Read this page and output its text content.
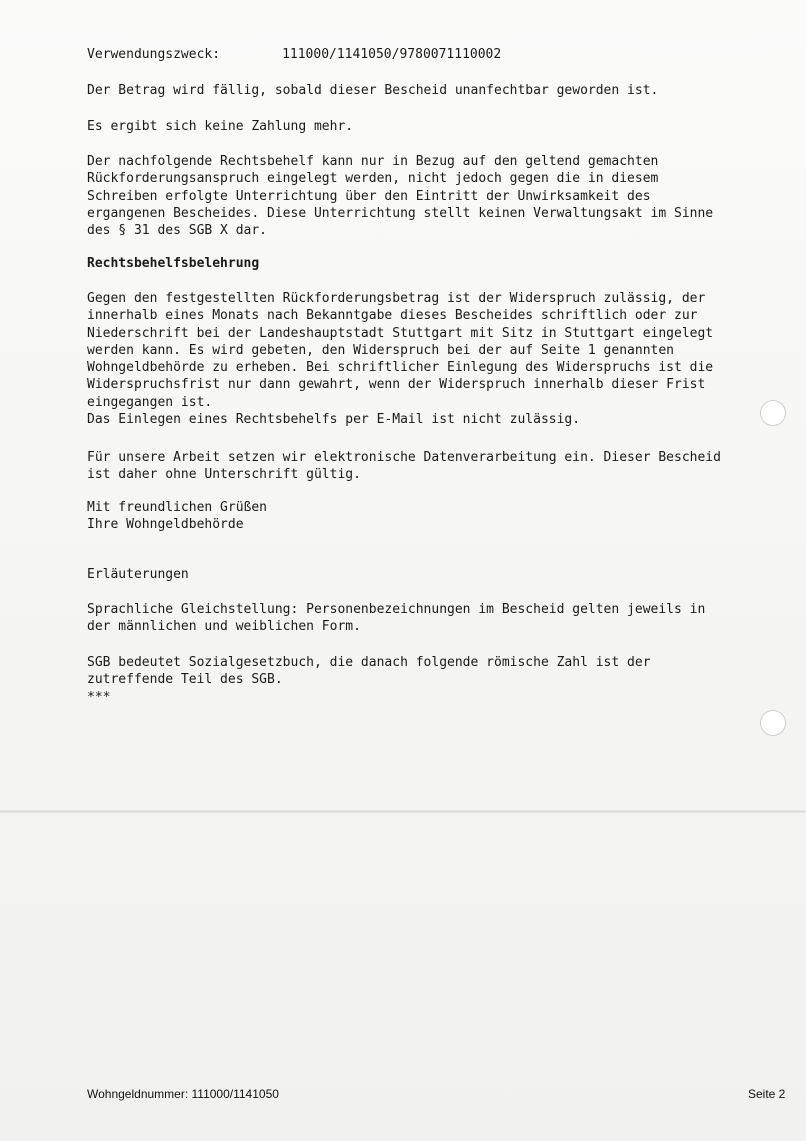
Verwendungszweck:	111000/1141050/9780071110002
Der Betrag wird fällig, sobald dieser Bescheid unanfechtbar geworden ist.
Es ergibt sich keine Zahlung mehr.
Der nachfolgende Rechtsbehelf kann nur in Bezug auf den geltend gemachten
Rückforderungsanspruch eingelegt werden, nicht jedoch gegen die in diesem
Schreiben erfolgte Unterrichtung über den Eintritt der Unwirksamkeit des
ergangenen Bescheides. Diese Unterrichtung stellt keinen Verwaltungsakt im Sinne
des § 31 des SGB X dar.
Rechtsbehelfsbelehrung
Gegen den festgestellten Rückforderungsbetrag ist der Widerspruch zulässig, der
innerhalb eines Monats nach Bekanntgabe dieses Bescheides schriftlich oder zur
Niederschrift bei der Landeshauptstadt Stuttgart mit Sitz in Stuttgart eingelegt
werden kann. Es wird gebeten, den Widerspruch bei der auf Seite 1 genannten
Wohngeldbehörde zu erheben. Bei schriftlicher Einlegung des Widerspruchs ist die
Widerspruchsfrist nur dann gewahrt, wenn der Widerspruch innerhalb dieser Frist
eingegangen ist.
Das Einlegen eines Rechtsbehelfs per E-Mail ist nicht zulässig.
Für unsere Arbeit setzen wir elektronische Datenverarbeitung ein. Dieser Bescheid
ist daher ohne Unterschrift gültig.
Mit freundlichen Grüßen
Ihre Wohngeldbehörde
Erläuterungen
Sprachliche Gleichstellung: Personenbezeichnungen im Bescheid gelten jeweils in
der männlichen und weiblichen Form.
SGB bedeutet Sozialgesetzbuch, die danach folgende römische Zahl ist der
zutreffende Teil des SGB.
***
Wohngeldnummer: 111000/1141050	Seite 2
